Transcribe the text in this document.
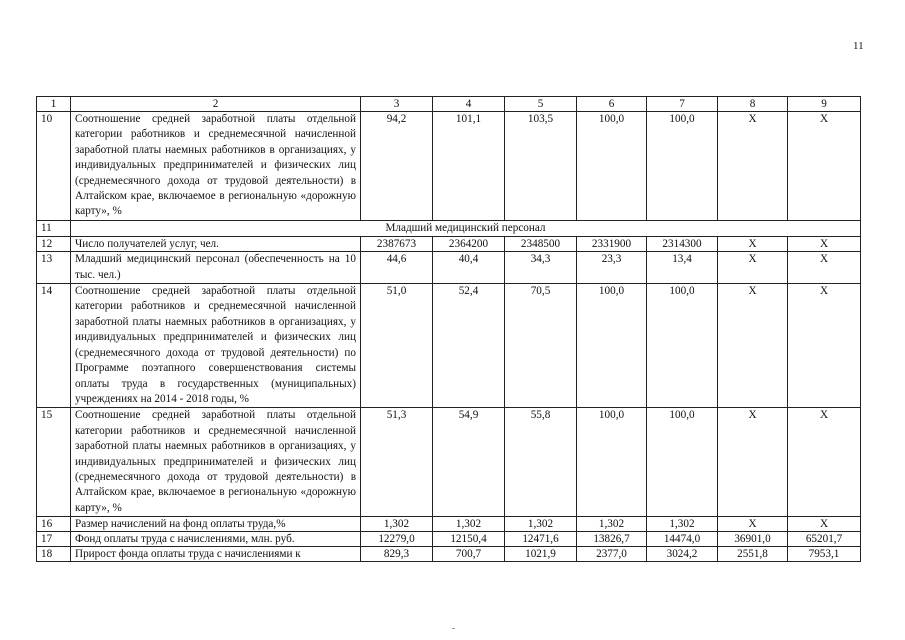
11
1	2	3	4	5	6	7	8	9
10	Соотношение средней заработной платы отдельной категории работников и среднемесячной начисленной заработной платы наемных работников в организациях, у индивидуальных предпринимателей и физических лиц (среднемесячного дохода от трудовой деятельности) в Алтайском крае, включаемое в региональную «дорожную карту», %	94,2	101,1	103,5	100,0	100,0	X	X
11	Младший медицинский персонал							
12	Число получателей услуг, чел.	2387673	2364200	2348500	2331900	2314300	X	X
13	Младший медицинский персонал (обеспеченность на 10 тыс. чел.)	44,6	40,4	34,3	23,3	13,4	X	X
14	Соотношение средней заработной платы отдельной категории работников и среднемесячной начисленной заработной платы наемных работников в организациях, у индивидуальных предпринимателей и физических лиц (среднемесячного дохода от трудовой деятельности) по Программе поэтапного совершенствования системы оплаты труда в государственных (муниципальных) учреждениях на 2014 - 2018 годы, %	51,0	52,4	70,5	100,0	100,0	X	X
15	Соотношение средней заработной платы отдельной категории работников и среднемесячной начисленной заработной платы наемных работников в организациях, у индивидуальных предпринимателей и физических лиц (среднемесячного дохода от трудовой деятельности) в Алтайском крае, включаемое в региональную «дорожную карту», %	51,3	54,9	55,8	100,0	100,0	X	X
16	Размер начислений на фонд оплаты труда,%	1,302	1,302	1,302	1,302	1,302	X	X
17	Фонд оплаты труда с начислениями, млн. руб.	12279,0	12150,4	12471,6	13826,7	14474,0	36901,0	65201,7
18	Прирост фонда оплаты труда с начислениями к	829,3	700,7	1021,9	2377,0	3024,2	2551,8	7953,1
